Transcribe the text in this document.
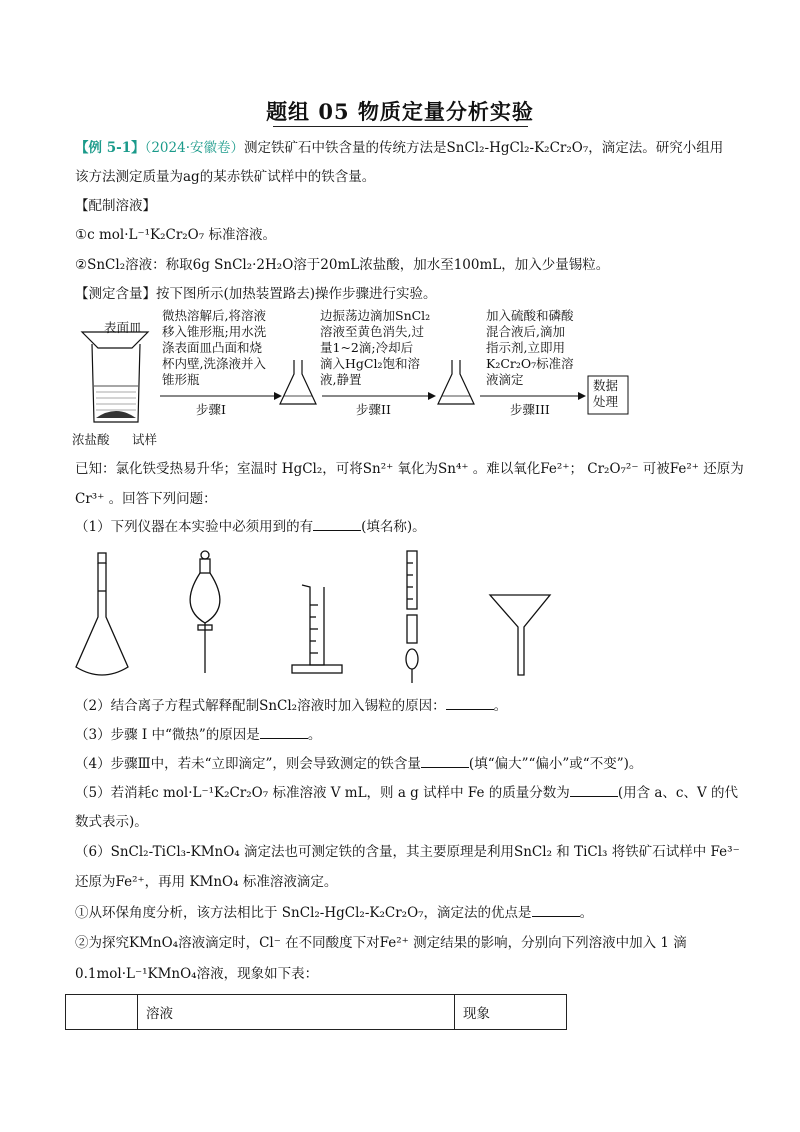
题组 05 物质定量分析实验
【例 5-1】（2024·安徽卷）测定铁矿石中铁含量的传统方法是SnCl₂-HgCl₂-K₂Cr₂O₇，滴定法。研究小组用
该方法测定质量为ag的某赤铁矿试样中的铁含量。
【配制溶液】
①c mol·L⁻¹K₂Cr₂O₇ 标准溶液。
②SnCl₂溶液：称取6g SnCl₂·2H₂O溶于20mL浓盐酸，加水至100mL，加入少量锡粒。
【测定含量】按下图所示(加热装置路去)操作步骤进行实验。
表面皿
浓盐酸 试样
微热溶解后,将溶液
移入锥形瓶;用水洗
涤表面皿凸面和烧
杯内壁,洗涤液并入
锥形瓶
边振荡边滴加SnCl₂
溶液至黄色消失,过
量1~2滴;冷却后
滴入HgCl₂饱和溶
液,静置
加入硫酸和磷酸
混合液后,滴加
指示剂,立即用
K₂Cr₂O₇标准溶
液滴定
步骤I	步骤II	步骤III
数据
处理
已知：氯化铁受热易升华；室温时 HgCl₂，可将Sn²⁺ 氧化为Sn⁴⁺ 。难以氧化Fe²⁺； Cr₂O₇²⁻ 可被Fe²⁺ 还原为
Cr³⁺ 。回答下列问题：
（1）下列仪器在本实验中必须用到的有	(填名称)。
（2）结合离子方程式解释配制SnCl₂溶液时加入锡粒的原因：	。
（3）步骤 I 中“微热”的原因是	。
（4）步骤Ⅲ中，若未“立即滴定”，则会导致测定的铁含量	(填“偏大”“偏小”或“不变”)。
（5）若消耗c mol·L⁻¹K₂Cr₂O₇ 标准溶液 V mL，则 a g 试样中 Fe 的质量分数为	(用含 a、c、V 的代
数式表示)。
（6）SnCl₂-TiCl₃-KMnO₄ 滴定法也可测定铁的含量，其主要原理是利用SnCl₂ 和 TiCl₃ 将铁矿石试样中 Fe³⁻
还原为Fe²⁺，再用 KMnO₄ 标准溶液滴定。
①从环保角度分析，该方法相比于 SnCl₂-HgCl₂-K₂Cr₂O₇，滴定法的优点是	。
②为探究KMnO₄溶液滴定时，Cl⁻ 在不同酸度下对Fe²⁺ 测定结果的影响，分别向下列溶液中加入 1 滴
0.1mol·L⁻¹KMnO₄溶液，现象如下表：
	溶液	现象
